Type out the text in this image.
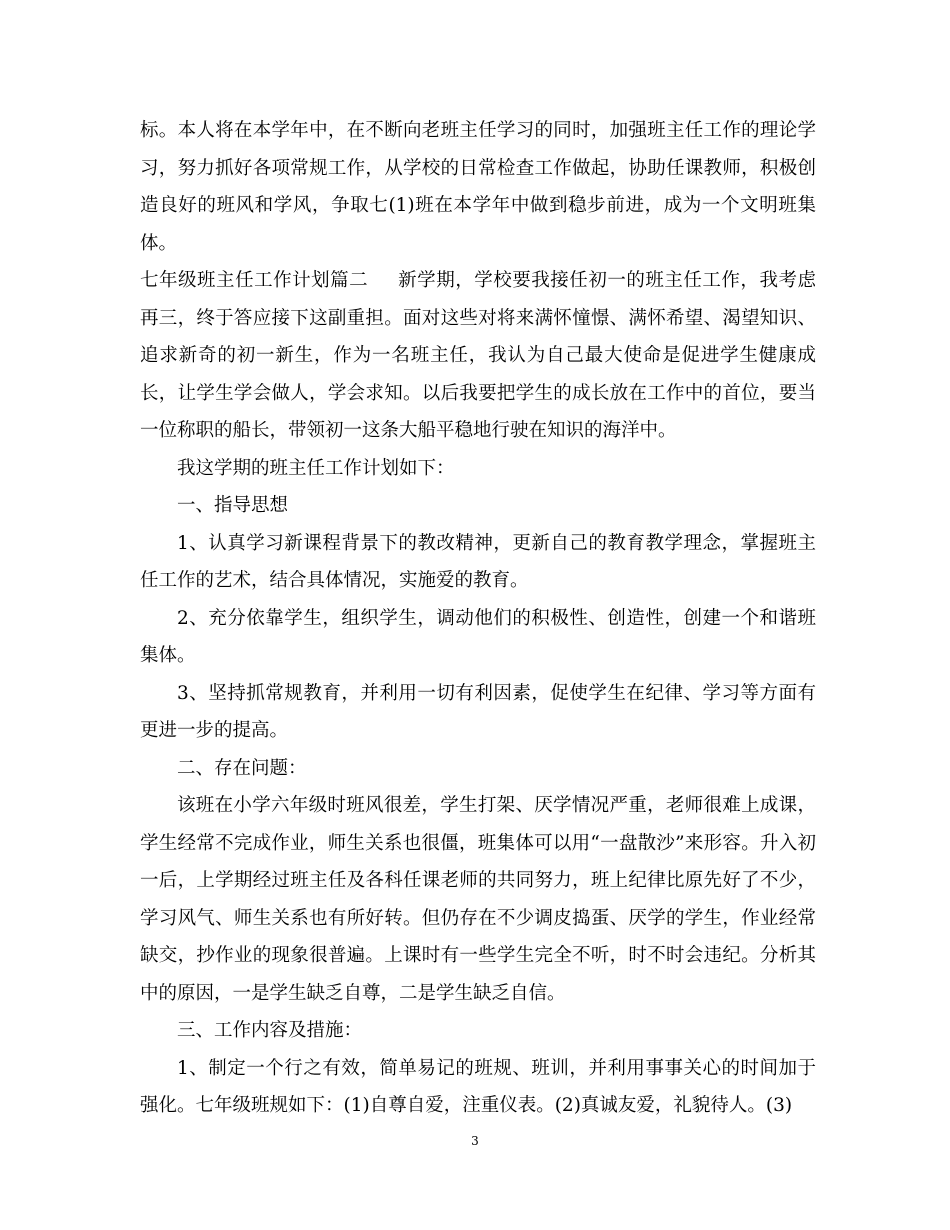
标。本人将在本学年中，在不断向老班主任学习的同时，加强班主任工作的理论学习，努力抓好各项常规工作，从学校的日常检查工作做起，协助任课教师，积极创造良好的班风和学风，争取七(1)班在本学年中做到稳步前进，成为一个文明班集体。

七年级班主任工作计划篇二 新学期，学校要我接任初一的班主任工作，我考虑再三，终于答应接下这副重担。面对这些对将来满怀憧憬、满怀希望、渴望知识、追求新奇的初一新生，作为一名班主任，我认为自己最大使命是促进学生健康成长，让学生学会做人，学会求知。以后我要把学生的成长放在工作中的首位，要当一位称职的船长，带领初一这条大船平稳地行驶在知识的海洋中。

我这学期的班主任工作计划如下：

一、指导思想

1、认真学习新课程背景下的教改精神，更新自己的教育教学理念，掌握班主任工作的艺术，结合具体情况，实施爱的教育。

2、充分依靠学生，组织学生，调动他们的积极性、创造性，创建一个和谐班集体。

3、坚持抓常规教育，并利用一切有利因素，促使学生在纪律、学习等方面有更进一步的提高。

二、存在问题：

该班在小学六年级时班风很差，学生打架、厌学情况严重，老师很难上成课，学生经常不完成作业，师生关系也很僵，班集体可以用“一盘散沙”来形容。升入初一后，上学期经过班主任及各科任课老师的共同努力，班上纪律比原先好了不少，学习风气、师生关系也有所好转。但仍存在不少调皮捣蛋、厌学的学生，作业经常缺交，抄作业的现象很普遍。上课时有一些学生完全不听，时不时会违纪。分析其中的原因，一是学生缺乏自尊，二是学生缺乏自信。

三、工作内容及措施：

1、制定一个行之有效，简单易记的班规、班训，并利用事事关心的时间加于强化。七年级班规如下：(1)自尊自爱，注重仪表。(2)真诚友爱，礼貌待人。(3)

3
